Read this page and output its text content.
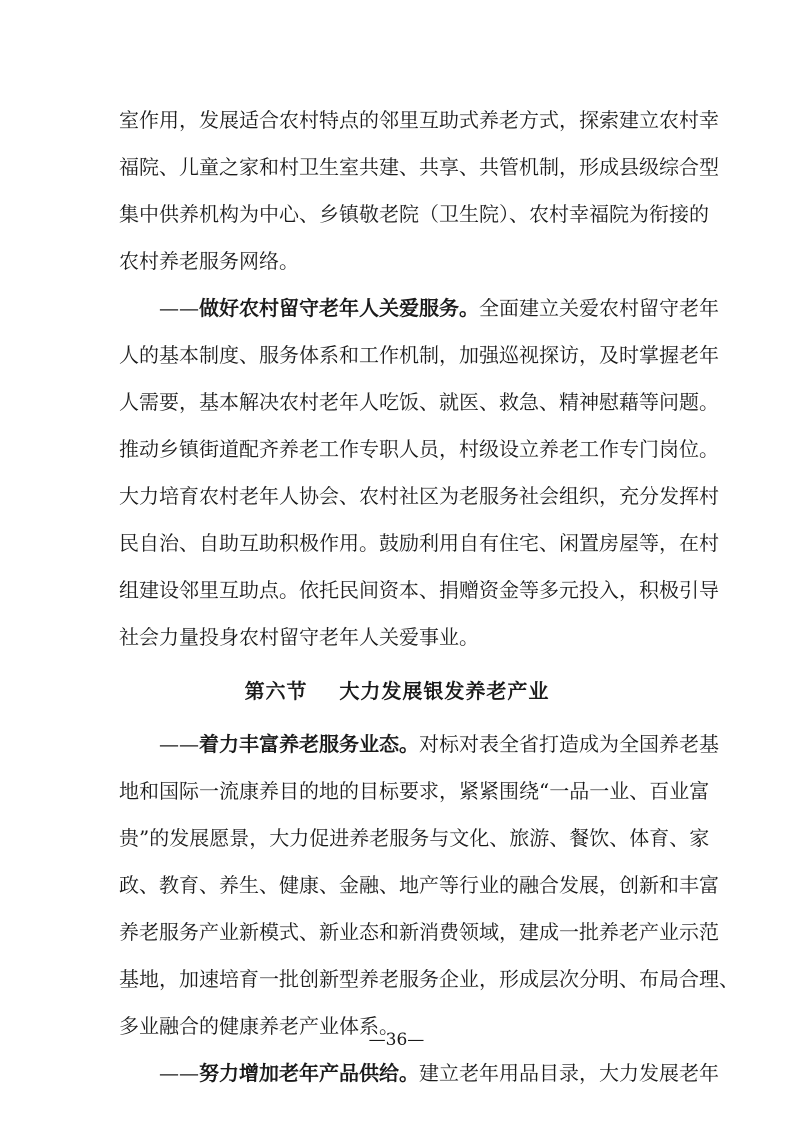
室作用，发展适合农村特点的邻里互助式养老方式，探索建立农村幸
福院、儿童之家和村卫生室共建、共享、共管机制，形成县级综合型
集中供养机构为中心、乡镇敬老院（卫生院）、农村幸福院为衔接的
农村养老服务网络。
——做好农村留守老年人关爱服务。全面建立关爱农村留守老年
人的基本制度、服务体系和工作机制，加强巡视探访，及时掌握老年
人需要，基本解决农村老年人吃饭、就医、救急、精神慰藉等问题。
推动乡镇街道配齐养老工作专职人员，村级设立养老工作专门岗位。
大力培育农村老年人协会、农村社区为老服务社会组织，充分发挥村
民自治、自助互助积极作用。鼓励利用自有住宅、闲置房屋等，在村
组建设邻里互助点。依托民间资本、捐赠资金等多元投入，积极引导
社会力量投身农村留守老年人关爱事业。
第六节    大力发展银发养老产业
——着力丰富养老服务业态。对标对表全省打造成为全国养老基
地和国际一流康养目的地的目标要求，紧紧围绕“一品一业、百业富
贵”的发展愿景，大力促进养老服务与文化、旅游、餐饮、体育、家
政、教育、养生、健康、金融、地产等行业的融合发展，创新和丰富
养老服务产业新模式、新业态和新消费领域，建成一批养老产业示范
基地，加速培育一批创新型养老服务企业，形成层次分明、布局合理、
多业融合的健康养老产业体系。
——努力增加老年产品供给。建立老年用品目录，大力发展老年
—36—
